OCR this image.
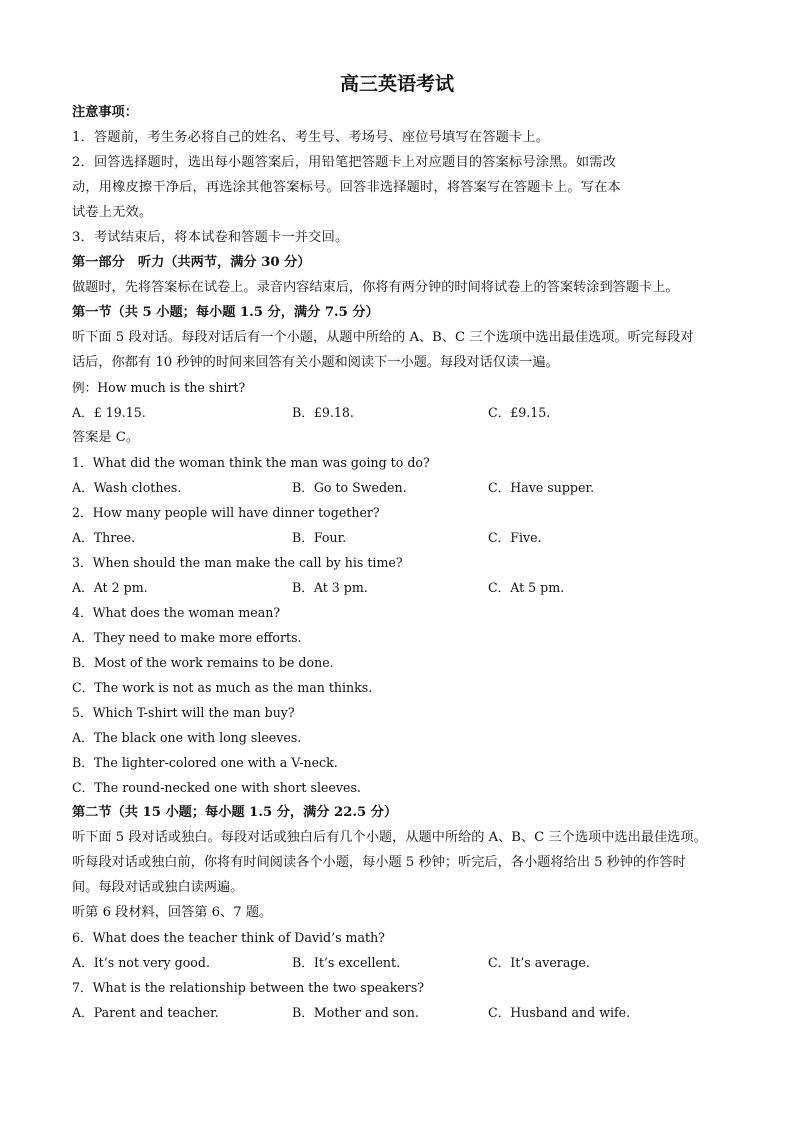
高三英语考试
注意事项：
1．答题前，考生务必将自己的姓名、考生号、考场号、座位号填写在答题卡上。
2．回答选择题时，选出每小题答案后，用铅笔把答题卡上对应题目的答案标号涂黑。如需改
动，用橡皮擦干净后，再选涂其他答案标号。回答非选择题时，将答案写在答题卡上。写在本
试卷上无效。
3．考试结束后，将本试卷和答题卡一并交回。
第一部分　听力（共两节，满分 30 分）
做题时，先将答案标在试卷上。录音内容结束后，你将有两分钟的时间将试卷上的答案转涂到答题卡上。
第一节（共 5 小题；每小题 1.5 分，满分 7.5 分）
听下面 5 段对话。每段对话后有一个小题，从题中所给的 A、B、C 三个选项中选出最佳选项。听完每段对
话后，你都有 10 秒钟的时间来回答有关小题和阅读下一小题。每段对话仅读一遍。
例：How much is the shirt?
A．£ 19.15.	B．£9.18.	C．£9.15.
答案是 C。
1．What did the woman think the man was going to do?
A．Wash clothes.	B．Go to Sweden.	C．Have supper.
2．How many people will have dinner together?
A．Three.	B．Four.	C．Five.
3．When should the man make the call by his time?
A．At 2 pm.	B．At 3 pm.	C．At 5 pm.
4．What does the woman mean?
A．They need to make more efforts.
B．Most of the work remains to be done.
C．The work is not as much as the man thinks.
5．Which T-shirt will the man buy?
A．The black one with long sleeves.
B．The lighter-colored one with a V-neck.
C．The round-necked one with short sleeves.
第二节（共 15 小题；每小题 1.5 分，满分 22.5 分）
听下面 5 段对话或独白。每段对话或独白后有几个小题，从题中所给的 A、B、C 三个选项中选出最佳选项。
听每段对话或独白前，你将有时间阅读各个小题，每小题 5 秒钟；听完后，各小题将给出 5 秒钟的作答时
间。每段对话或独白读两遍。
听第 6 段材料，回答第 6、7 题。
6．What does the teacher think of David’s math?
A．It’s not very good.	B．It’s excellent.	C．It’s average.
7．What is the relationship between the two speakers?
A．Parent and teacher.	B．Mother and son.	C．Husband and wife.
